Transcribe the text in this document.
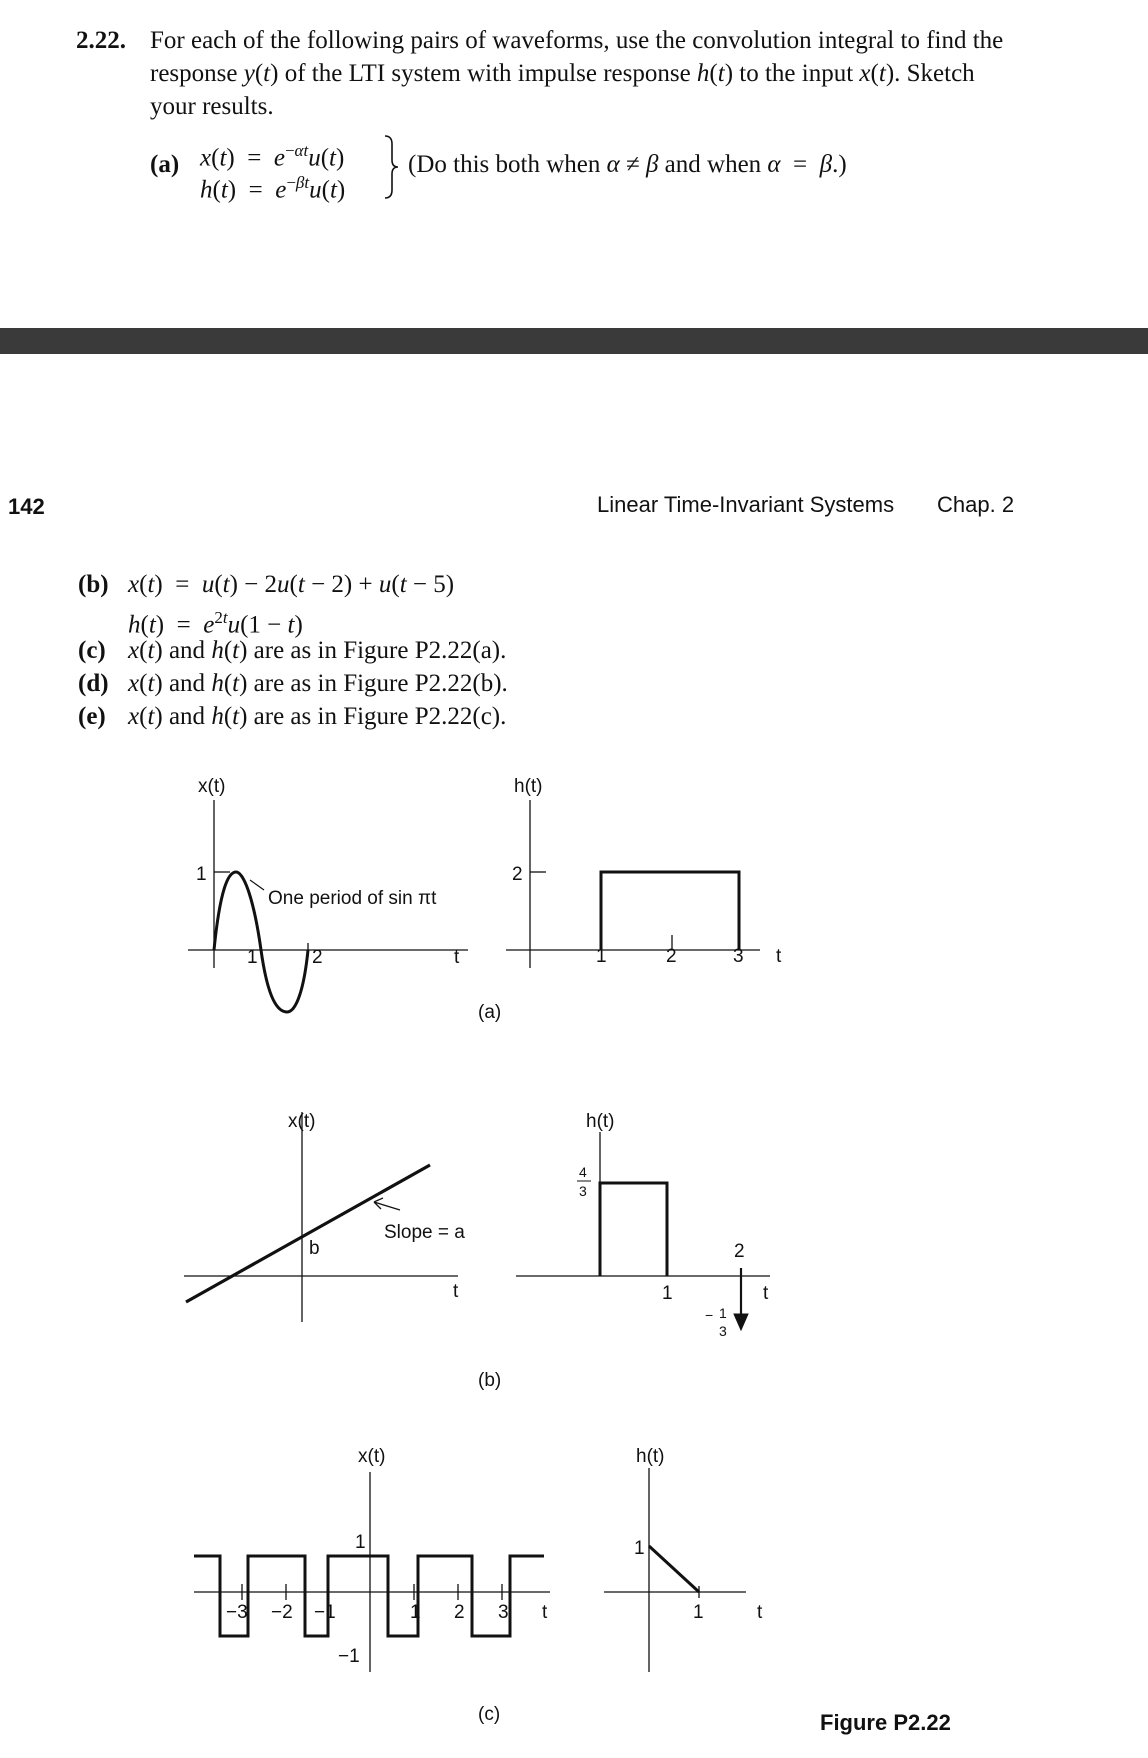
2.22. For each of the following pairs of waveforms, use the convolution integral to find the
response y(t) of the LTI system with impulse response h(t) to the input x(t). Sketch
your results.
(a) $x(t) = e^{-\alpha t}u(t)$
$h(t) = e^{-\beta t}u(t)$
(Do this both when α ≠ β and when α  =  β.)
142	Linear Time-Invariant Systems Chap. 2
(b) x(t)  =  u(t) − 2u(t − 2) + u(t − 5)
$h(t) = e^{2t}u(1 - t)$
(c) x(t) and h(t) are as in Figure P2.22(a).
(d) x(t) and h(t) are as in Figure P2.22(b).
(e) x(t) and h(t) are as in Figure P2.22(c).
x(t)
1
One period of sin πt
1	2	t
h(t)
2
1	2	3 t
(a)
x(t)
b
Slope = a
t
h(t)
4
3
1
2
t
− 1
3
(b)
x(t)
1
−1
−3 −2 −1	1 2 3 t
h(t)
1
1	t
(c)	Figure P2.22
